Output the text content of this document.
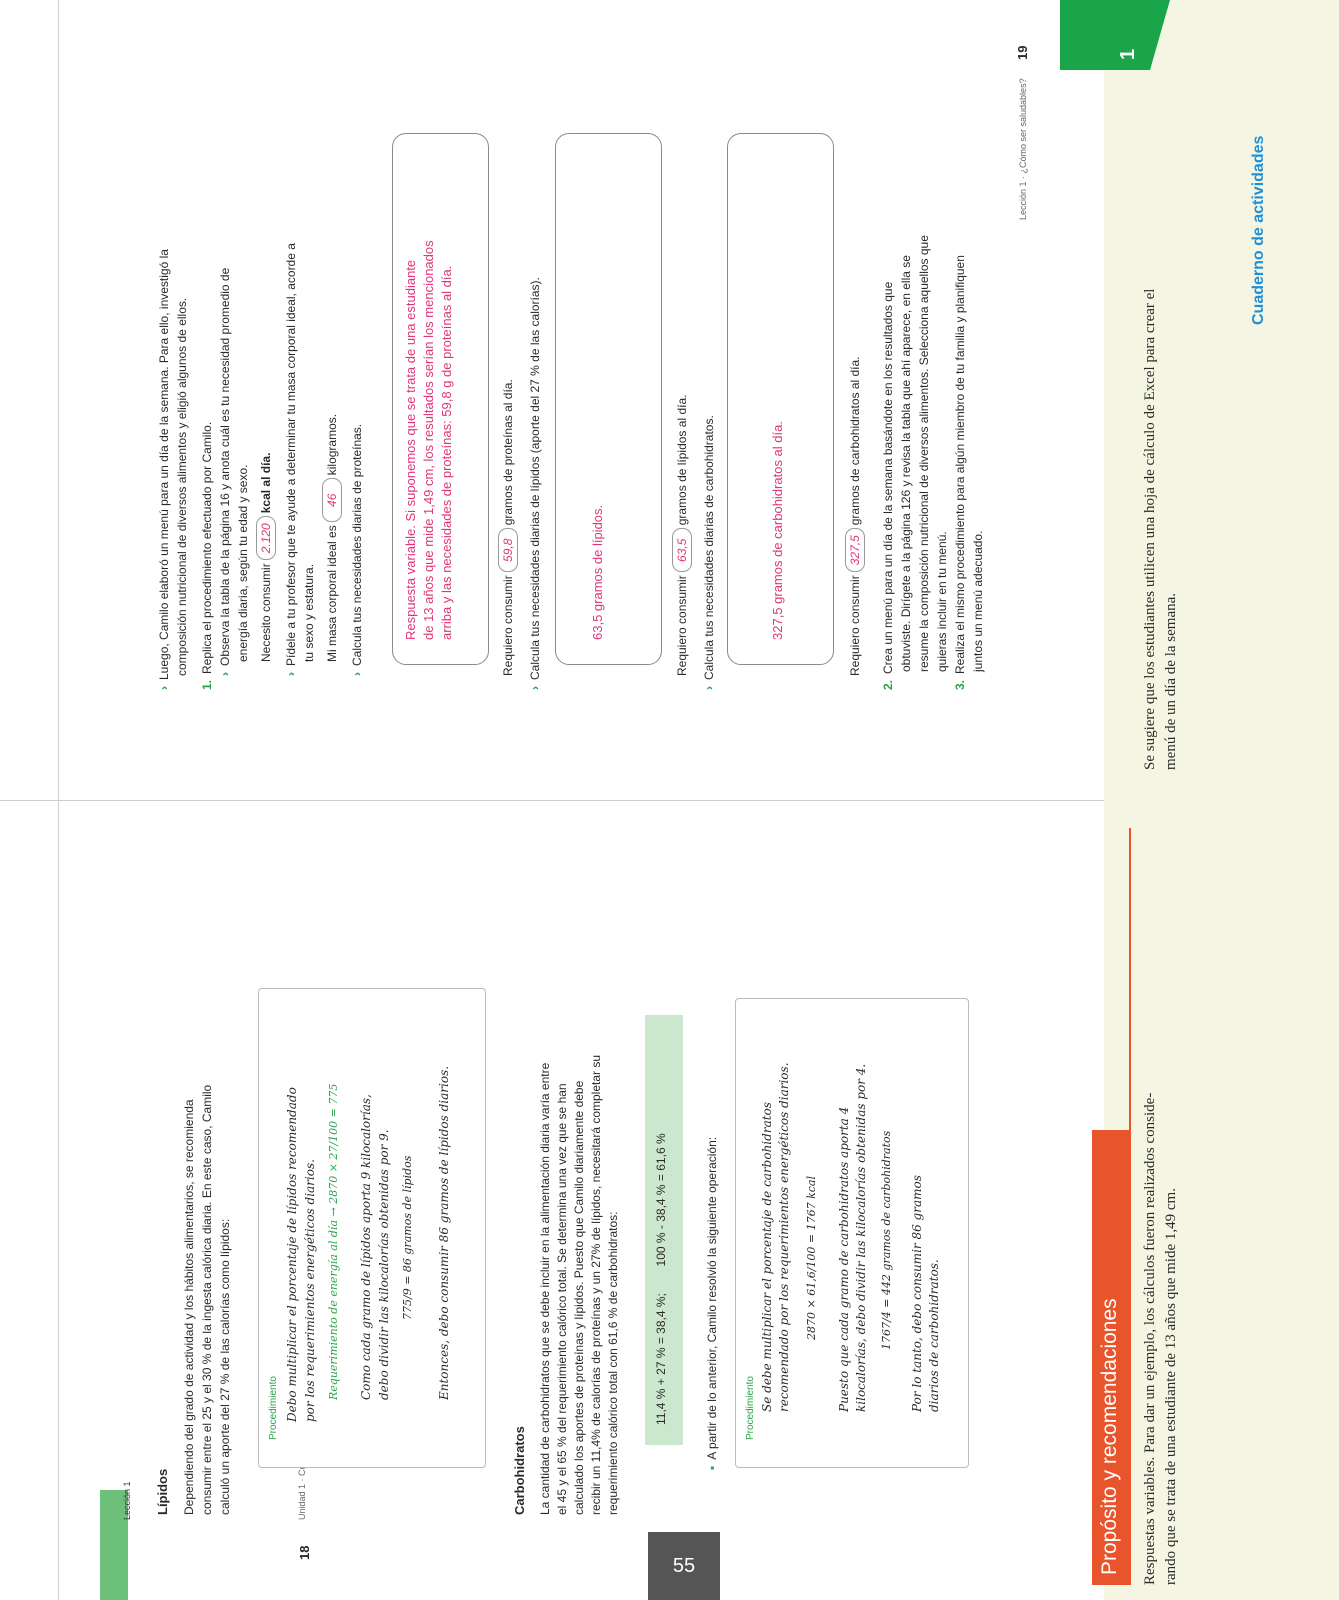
1
Lección 1
55
18
Lípidos Dependiendo del grado de actividad y los hábitos alimentarios, se recomienda consumir entre el 25 y el 30 % de la ingesta calórica diaria. En este caso, Camilo calculó un aporte del 27 % de las calorías como lípidos:	Procedimiento Debo multiplicar el porcentaje de lípidos recomendado por los requerimientos energéticos diarios. Requerimiento de energía al día → 2870 × 27/100 = 775 Como cada gramo de lípidos aporta 9 kilocalorías, debo dividir las kilocalorías obtenidas por 9. 775/9 = 86 gramos de lípidos Entonces, debo consumir 86 gramos de lípidos diarios.
Carbohidratos La cantidad de carbohidratos que se debe incluir en la alimentación diaria varía entre el 45 y el 65 % del requerimiento calórico total. Se determina una vez que se han calculado los aportes de proteínas y lípidos. Puesto que Camilo diariamente debe recibir un 11,4% de calorías de proteínas y un 27% de lípidos, necesitará completar su requerimiento calórico total con 61,6 % de carbohidratos:	11,4 % + 27 % = 38,4 %;        100 % - 38,4 % = 61,6 %
▪A partir de lo anterior, Camilo resolvió la siguiente operación:	Procedimiento Se debe multiplicar el porcentaje de carbohidratos recomendado por los requerimientos energéticos diarios. 2870 × 61,6/100 = 1767 kcal Puesto que cada gramo de carbohidratos aporta 4 kilocalorías, debo dividir las kilocalorías obtenidas por 4. 1767/4 = 442 gramos de carbohidratos Por lo tanto, debo consumir 86 gramos diarios de carbohidratos.	Propósito y recomendaciones Respuestas variables. Para dar un ejemplo, los cálculos fueron realizados conside- rando que se trata de una estudiante de 13 años que mide 1,49 cm.
19
Lección 1 · ¿Cómo ser saludables?
›Luego, Camilo elaboró un menú para un día de la semana. Para ello, investigó la composición nutricional de diversos alimentos y eligió algunos de ellos.
1.Replica el procedimiento efectuado por Camilo.
›Observa la tabla de la página 16 y anota cuál es tu necesidad promedio de energía diaria, según tu edad y sexo. Necesito consumir2.120kcal al día.
›Pídele a tu profesor que te ayude a determinar tu masa corporal ideal, acorde a tu sexo y estatura. Mi masa corporal ideal es46kilogramos.
›Calcula tus necesidades diarias de proteínas.	Respuesta variable. Si suponemos que se trata de una estudiante de 13 años que mide 1,49 cm, los resultados serían los mencionados arriba y las necesidades de proteínas: 59,8 g de proteínas al día.	Requiero consumir59,8gramos de proteínas al día.
›Calcula tus necesidades diarias de lípidos (aporte del 27 % de las calorías).	63,5 gramos de lípidos.	Requiero consumir63,5gramos de lípidos al día.
›Calcula tus necesidades diarias de carbohidratos.	327,5 gramos de carbohidratos al día.	Requiero consumir327,5gramos de carbohidratos al día.
2.Crea un menú para un día de la semana basándote en los resultados que obtuviste. Dirígete a la página 126 y revisa la tabla que ahí aparece, en ella se resume la composición nutricional de diversos alimentos. Selecciona aquellos que quieras incluir en tu menú.
3.Realiza el mismo procedimiento para algún miembro de tu familia y planifiquen juntos un menú adecuado.	Se sugiere que los estudiantes utilicen una hoja de cálculo de Excel para crear el menú de un día de la semana.
Cuaderno de actividades
